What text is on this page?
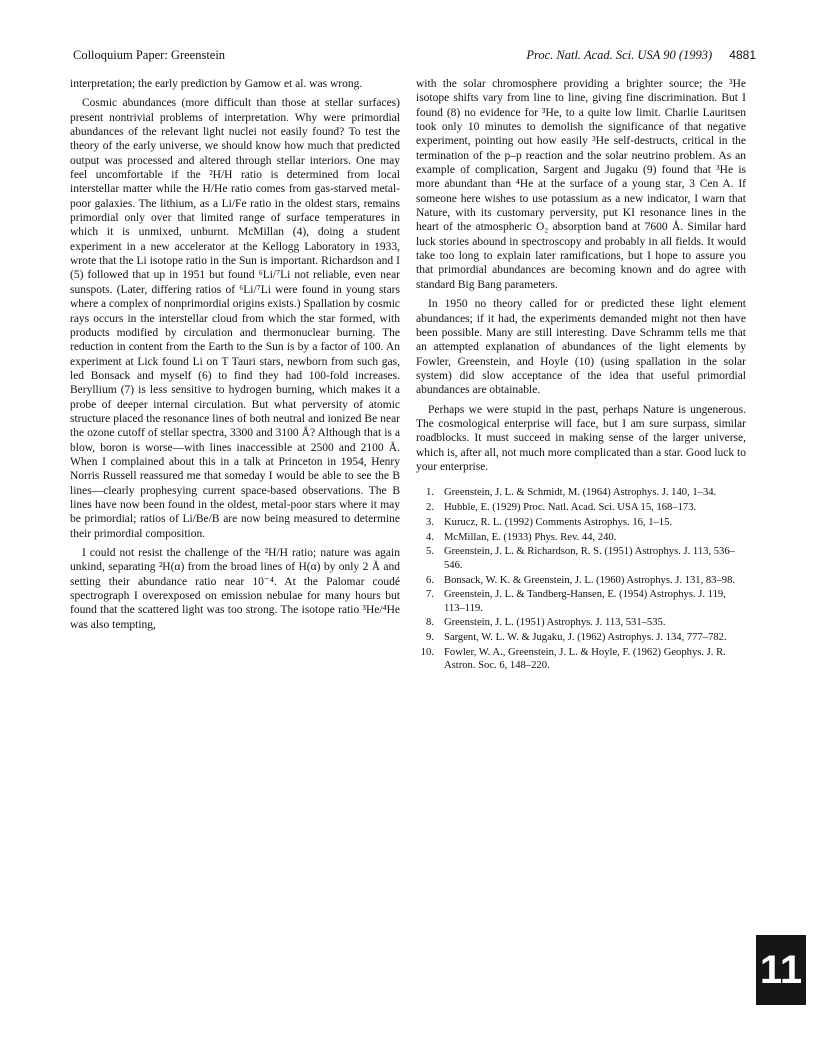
Colloquium Paper: Greenstein	Proc. Natl. Acad. Sci. USA 90 (1993) 4881

interpretation; the early prediction by Gamow et al. was wrong.

Cosmic abundances (more difficult than those at stellar surfaces) present nontrivial problems of interpretation. Why were primordial abundances of the relevant light nuclei not easily found? To test the theory of the early universe, we should know how much that predicted output was processed and altered through stellar interiors. One may feel uncomfortable if the ²H/H ratio is determined from local interstellar matter while the H/He ratio comes from gas-starved metal-poor galaxies. The lithium, as a Li/Fe ratio in the oldest stars, remains primordial only over that limited range of surface temperatures in which it is unmixed, unburnt. McMillan (4), doing a student experiment in a new accelerator at the Kellogg Laboratory in 1933, wrote that the Li isotope ratio in the Sun is important. Richardson and I (5) followed that up in 1951 but found ⁶Li/⁷Li not reliable, even near sunspots. (Later, differing ratios of ⁶Li/⁷Li were found in young stars where a complex of nonprimordial origins exists.) Spallation by cosmic rays occurs in the interstellar cloud from which the star formed, with products modified by circulation and thermonuclear burning. The reduction in content from the Earth to the Sun is by a factor of 100. An experiment at Lick found Li on T Tauri stars, newborn from such gas, led Bonsack and myself (6) to find they had 100-fold increases. Beryllium (7) is less sensitive to hydrogen burning, which makes it a probe of deeper internal circulation. But what perversity of atomic structure placed the resonance lines of both neutral and ionized Be near the ozone cutoff of stellar spectra, 3300 and 3100 Å? Although that is a blow, boron is worse—with lines inaccessible at 2500 and 2100 Å. When I complained about this in a talk at Princeton in 1954, Henry Norris Russell reassured me that someday I would be able to see the B lines—clearly prophesying current space-based observations. The B lines have now been found in the oldest, metal-poor stars where it may be primordial; ratios of Li/Be/B are now being measured to determine their primordial composition.

I could not resist the challenge of the ²H/H ratio; nature was again unkind, separating ²H(α) from the broad lines of H(α) by only 2 Å and setting their abundance ratio near 10⁻⁴. At the Palomar coudé spectrograph I overexposed on emission nebulae for many hours but found that the scattered light was too strong. The isotope ratio ³He/⁴He was also tempting,

with the solar chromosphere providing a brighter source; the ³He isotope shifts vary from line to line, giving fine discrimination. But I found (8) no evidence for ³He, to a quite low limit. Charlie Lauritsen took only 10 minutes to demolish the significance of that negative experiment, pointing out how easily ³He self-destructs, critical in the termination of the p–p reaction and the solar neutrino problem. As an example of complication, Sargent and Jugaku (9) found that ³He is more abundant than ⁴He at the surface of a young star, 3 Cen A. If someone here wishes to use potassium as a new indicator, I warn that Nature, with its customary perversity, put KI resonance lines in the heart of the atmospheric O₂ absorption band at 7600 Å. Similar hard luck stories abound in spectroscopy and probably in all fields. It would take too long to explain later ramifications, but I hope to assure you that primordial abundances are becoming known and do agree with standard Big Bang parameters.

In 1950 no theory called for or predicted these light element abundances; if it had, the experiments demanded might not then have been possible. Many are still interesting. Dave Schramm tells me that an attempted explanation of abundances of the light elements by Fowler, Greenstein, and Hoyle (10) (using spallation in the solar system) did slow acceptance of the idea that useful primordial abundances are obtainable.

Perhaps we were stupid in the past, perhaps Nature is ungenerous. The cosmological enterprise will face, but I am sure surpass, similar roadblocks. It must succeed in making sense of the larger universe, which is, after all, not much more complicated than a star. Good luck to your enterprise.

1. Greenstein, J. L. & Schmidt, M. (1964) Astrophys. J. 140, 1–34.
2. Hubble, E. (1929) Proc. Natl. Acad. Sci. USA 15, 168–173.
3. Kurucz, R. L. (1992) Comments Astrophys. 16, 1–15.
4. McMillan, E. (1933) Phys. Rev. 44, 240.
5. Greenstein, J. L. & Richardson, R. S. (1951) Astrophys. J. 113, 536–546.
6. Bonsack, W. K. & Greenstein, J. L. (1960) Astrophys. J. 131, 83–98.
7. Greenstein, J. L. & Tandberg-Hansen, E. (1954) Astrophys. J. 119, 113–119.
8. Greenstein, J. L. (1951) Astrophys. J. 113, 531–535.
9. Sargent, W. L. W. & Jugaku, J. (1962) Astrophys. J. 134, 777–782.
10. Fowler, W. A., Greenstein, J. L. & Hoyle, F. (1962) Geophys. J. R. Astron. Soc. 6, 148–220.
11
